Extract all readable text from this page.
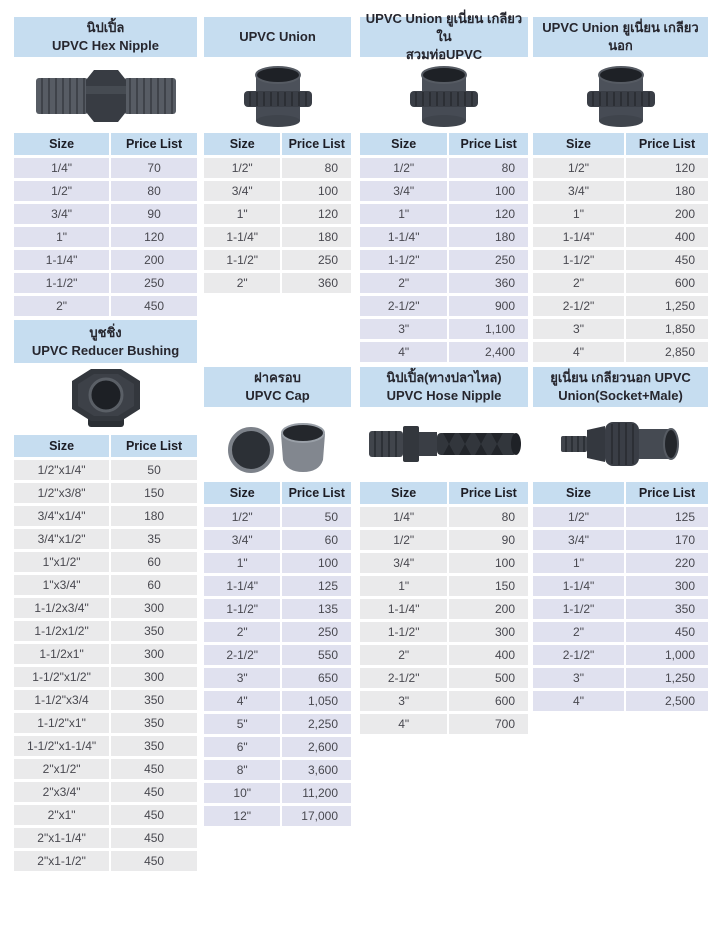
นิปเปิ้ล
UPVC Hex Nipple
Size	Price List
1/4"	70
1/2"	80
3/4"	90
1"	120
1-1/4"	200
1-1/2"	250
2"	450
บูชชิ่ง
UPVC Reducer Bushing
Size	Price List
1/2"x1/4"	50
1/2"x3/8"	150
3/4"x1/4"	180
3/4"x1/2"	35
1"x1/2"	60
1"x3/4"	60
1-1/2x3/4"	300
1-1/2x1/2"	350
1-1/2x1"	300
1-1/2"x1/2"	300
1-1/2"x3/4	350
1-1/2"x1"	350
1-1/2"x1-1/4"	350
2"x1/2"	450
2"x3/4"	450
2"x1"	450
2"x1-1/4"	450
2"x1-1/2"	450
UPVC Union
Size	Price List
1/2"	80
3/4"	100
1"	120
1-1/4"	180
1-1/2"	250
2"	360
ฝาครอบ
UPVC Cap
Size	Price List
1/2"	50
3/4"	60
1"	100
1-1/4"	125
1-1/2"	135
2"	250
2-1/2"	550
3"	650
4"	1,050
5"	2,250
6"	2,600
8"	3,600
10"	11,200
12"	17,000
UPVC Union ยูเนี่ยน เกลียวใน
สวมท่อUPVC
Size	Price List
1/2"	80
3/4"	100
1"	120
1-1/4"	180
1-1/2"	250
2"	360
2-1/2"	900
3"	1,100
4"	2,400
นิปเปิ้ล(ทางปลาไหล)
UPVC Hose Nipple
Size	Price List
1/4"	80
1/2"	90
3/4"	100
1"	150
1-1/4"	200
1-1/2"	300
2"	400
2-1/2"	500
3"	600
4"	700
UPVC Union ยูเนี่ยน เกลียวนอก
Size	Price List
1/2"	120
3/4"	180
1"	200
1-1/4"	400
1-1/2"	450
2"	600
2-1/2"	1,250
3"	1,850
4"	2,850
ยูเนี่ยน เกลียวนอก UPVC
Union(Socket+Male)
Size	Price List
1/2"	125
3/4"	170
1"	220
1-1/4"	300
1-1/2"	350
2"	450
2-1/2"	1,000
3"	1,250
4"	2,500
